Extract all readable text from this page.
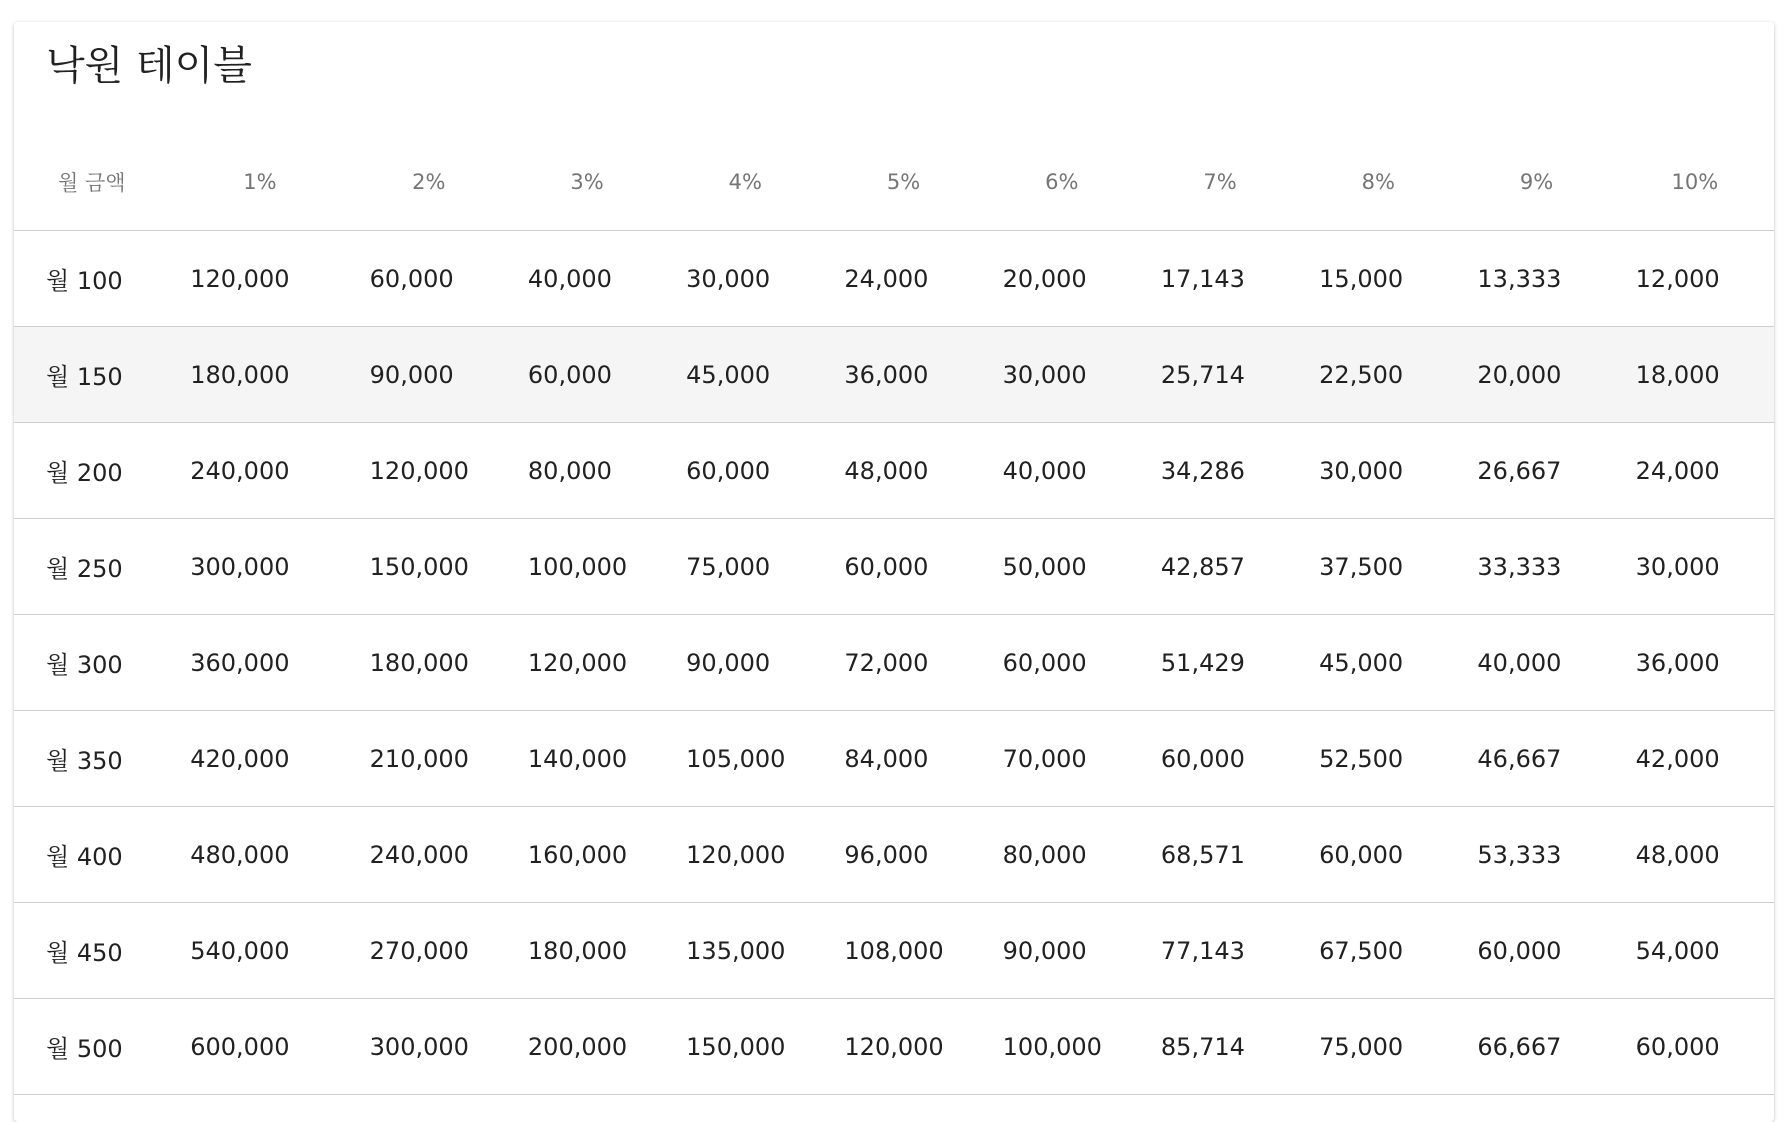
낙원 테이블
월 금액	1%	2%	3%	4%	5%	6%	7%	8%	9%	10%
월 100	120,000	60,000	40,000	30,000	24,000	20,000	17,143	15,000	13,333	12,000
월 150	180,000	90,000	60,000	45,000	36,000	30,000	25,714	22,500	20,000	18,000
월 200	240,000	120,000	80,000	60,000	48,000	40,000	34,286	30,000	26,667	24,000
월 250	300,000	150,000	100,000	75,000	60,000	50,000	42,857	37,500	33,333	30,000
월 300	360,000	180,000	120,000	90,000	72,000	60,000	51,429	45,000	40,000	36,000
월 350	420,000	210,000	140,000	105,000	84,000	70,000	60,000	52,500	46,667	42,000
월 400	480,000	240,000	160,000	120,000	96,000	80,000	68,571	60,000	53,333	48,000
월 450	540,000	270,000	180,000	135,000	108,000	90,000	77,143	67,500	60,000	54,000
월 500	600,000	300,000	200,000	150,000	120,000	100,000	85,714	75,000	66,667	60,000
